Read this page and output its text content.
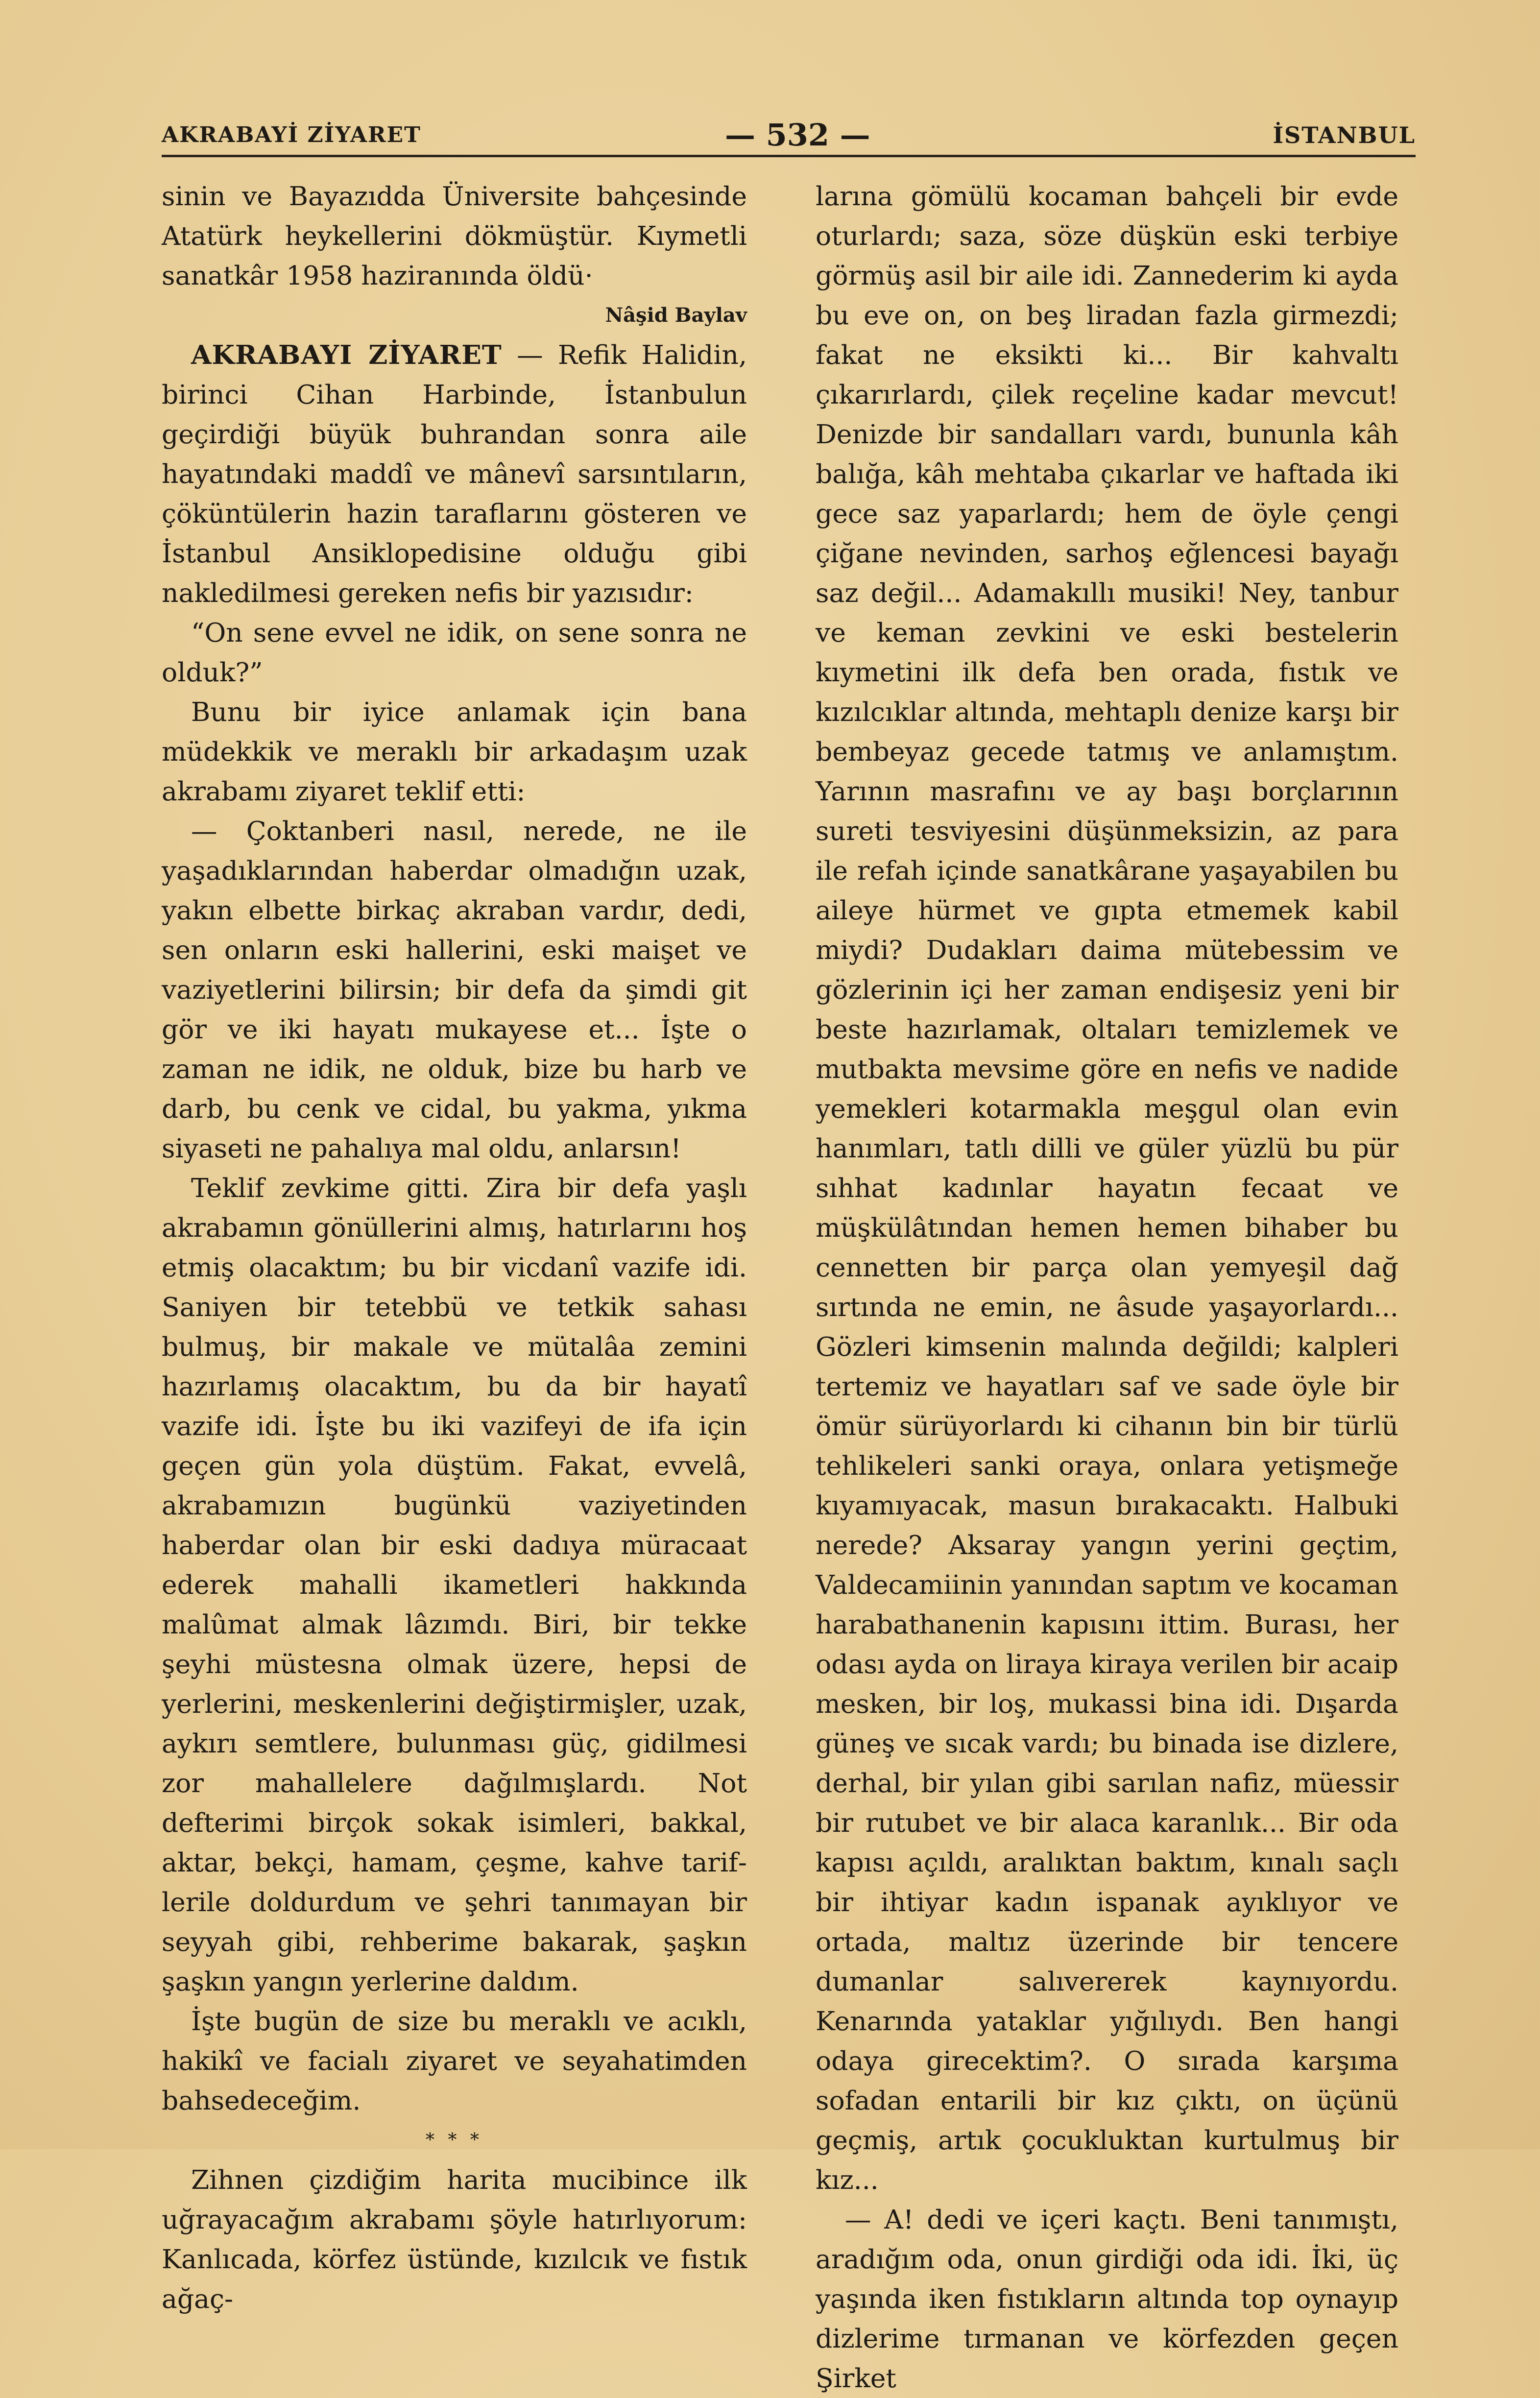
AKRABAYİ ZİYARET	— 532 —	İSTANBUL

sinin ve Bayazıdda Üniversite bahçesinde Atatürk heykellerini dökmüştür. Kıymetli sanatkâr 1958 haziranında öldü·

Nâşid Baylav

AKRABAYI ZİYARET — Refik Halidin, birinci Cihan Harbinde, İstanbulun geçirdiği büyük buhrandan sonra aile hayatındaki maddî ve mânevî sarsıntıların, çöküntülerin hazin taraflarını gösteren ve İstanbul Ansiklopedisine olduğu gibi nakledilmesi gereken nefis bir yazısıdır:

“On sene evvel ne idik, on sene sonra ne olduk?”

Bunu bir iyice anlamak için bana müdekkik ve meraklı bir arkadaşım uzak akrabamı ziyaret teklif etti:

— Çoktanberi nasıl, nerede, ne ile yaşadıklarından haberdar olmadığın uzak, yakın elbette birkaç akraban vardır, dedi, sen onların eski hallerini, eski maişet ve vaziyetlerini bilirsin; bir defa da şimdi git gör ve iki hayatı mukayese et... İşte o zaman ne idik, ne olduk, bize bu harb ve darb, bu cenk ve cidal, bu yakma, yıkma siyaseti ne pahalıya mal oldu, anlarsın!

Teklif zevkime gitti. Zira bir defa yaşlı akrabamın gönüllerini almış, hatırlarını hoş etmiş olacaktım; bu bir vicdanî vazife idi. Saniyen bir tetebbü ve tetkik sahası bulmuş, bir makale ve mütalâa zemini hazırlamış olacaktım, bu da bir hayatî vazife idi. İşte bu iki vazifeyi de ifa için geçen gün yola düştüm. Fakat, evvelâ, akrabamızın bugünkü vaziyetinden haberdar olan bir eski dadıya müracaat ederek mahalli ikametleri hakkında malûmat almak lâzımdı. Biri, bir tekke şeyhi müstesna olmak üzere, hepsi de yerlerini, meskenlerini değiştirmişler, uzak, aykırı semtlere, bulunması güç, gidilmesi zor mahallelere dağılmışlardı. Not defterimi birçok sokak isimleri, bakkal, aktar, bekçi, hamam, çeşme, kahve tariflerile doldurdum ve şehri tanımayan bir seyyah gibi, rehberime bakarak, şaşkın şaşkın yangın yerlerine daldım.

İşte bugün de size bu meraklı ve acıklı, hakikî ve facialı ziyaret ve seyahatimden bahsedeceğim.

* * *

Zihnen çizdiğim harita mucibince ilk uğrayacağım akrabamı şöyle hatırlıyorum: Kanlıcada, körfez üstünde, kızılcık ve fıstık ağaç-

larına gömülü kocaman bahçeli bir evde oturlardı; saza, söze düşkün eski terbiye görmüş asil bir aile idi. Zannederim ki ayda bu eve on, on beş liradan fazla girmezdi; fakat ne eksikti ki... Bir kahvaltı çıkarırlardı, çilek reçeline kadar mevcut! Denizde bir sandalları vardı, bununla kâh balığa, kâh mehtaba çıkarlar ve haftada iki gece saz yaparlardı; hem de öyle çengi çiğane nevinden, sarhoş eğlencesi bayağı saz değil... Adamakıllı musiki! Ney, tanbur ve keman zevkini ve eski bestelerin kıymetini ilk defa ben orada, fıstık ve kızılcıklar altında, mehtaplı denize karşı bir bembeyaz gecede tatmış ve anlamıştım. Yarının masrafını ve ay başı borçlarının sureti tesviyesini düşünmeksizin, az para ile refah içinde sanatkârane yaşayabilen bu aileye hürmet ve gıpta etmemek kabil miydi? Dudakları daima mütebessim ve gözlerinin içi her zaman endişesiz yeni bir beste hazırlamak, oltaları temizlemek ve mutbakta mevsime göre en nefis ve nadide yemekleri kotarmakla meşgul olan evin hanımları, tatlı dilli ve güler yüzlü bu pür sıhhat kadınlar hayatın fecaat ve müşkülâtından hemen hemen bihaber bu cennetten bir parça olan yemyeşil dağ sırtında ne emin, ne âsude yaşayorlardı... Gözleri kimsenin malında değildi; kalpleri tertemiz ve hayatları saf ve sade öyle bir ömür sürüyorlardı ki cihanın bin bir türlü tehlikeleri sanki oraya, onlara yetişmeğe kıyamıyacak, masun bırakacaktı. Halbuki nerede? Aksaray yangın yerini geçtim, Valdecamiinin yanından saptım ve kocaman harabathanenin kapısını ittim. Burası, her odası ayda on liraya kiraya verilen bir acaip mesken, bir loş, mukassi bina idi. Dışarda güneş ve sıcak vardı; bu binada ise dizlere, derhal, bir yılan gibi sarılan nafiz, müessir bir rutubet ve bir alaca karanlık... Bir oda kapısı açıldı, aralıktan baktım, kınalı saçlı bir ihtiyar kadın ispanak ayıklıyor ve ortada, maltız üzerinde bir tencere dumanlar salıvererek kaynıyordu. Kenarında yataklar yığılıydı. Ben hangi odaya girecektim?. O sırada karşıma sofadan entarili bir kız çıktı, on üçünü geçmiş, artık çocukluktan kurtulmuş bir kız...

— A! dedi ve içeri kaçtı. Beni tanımıştı, aradığım oda, onun girdiği oda idi. İki, üç yaşında iken fıstıkların altında top oynayıp dizlerime tırmanan ve körfezden geçen Şirket
